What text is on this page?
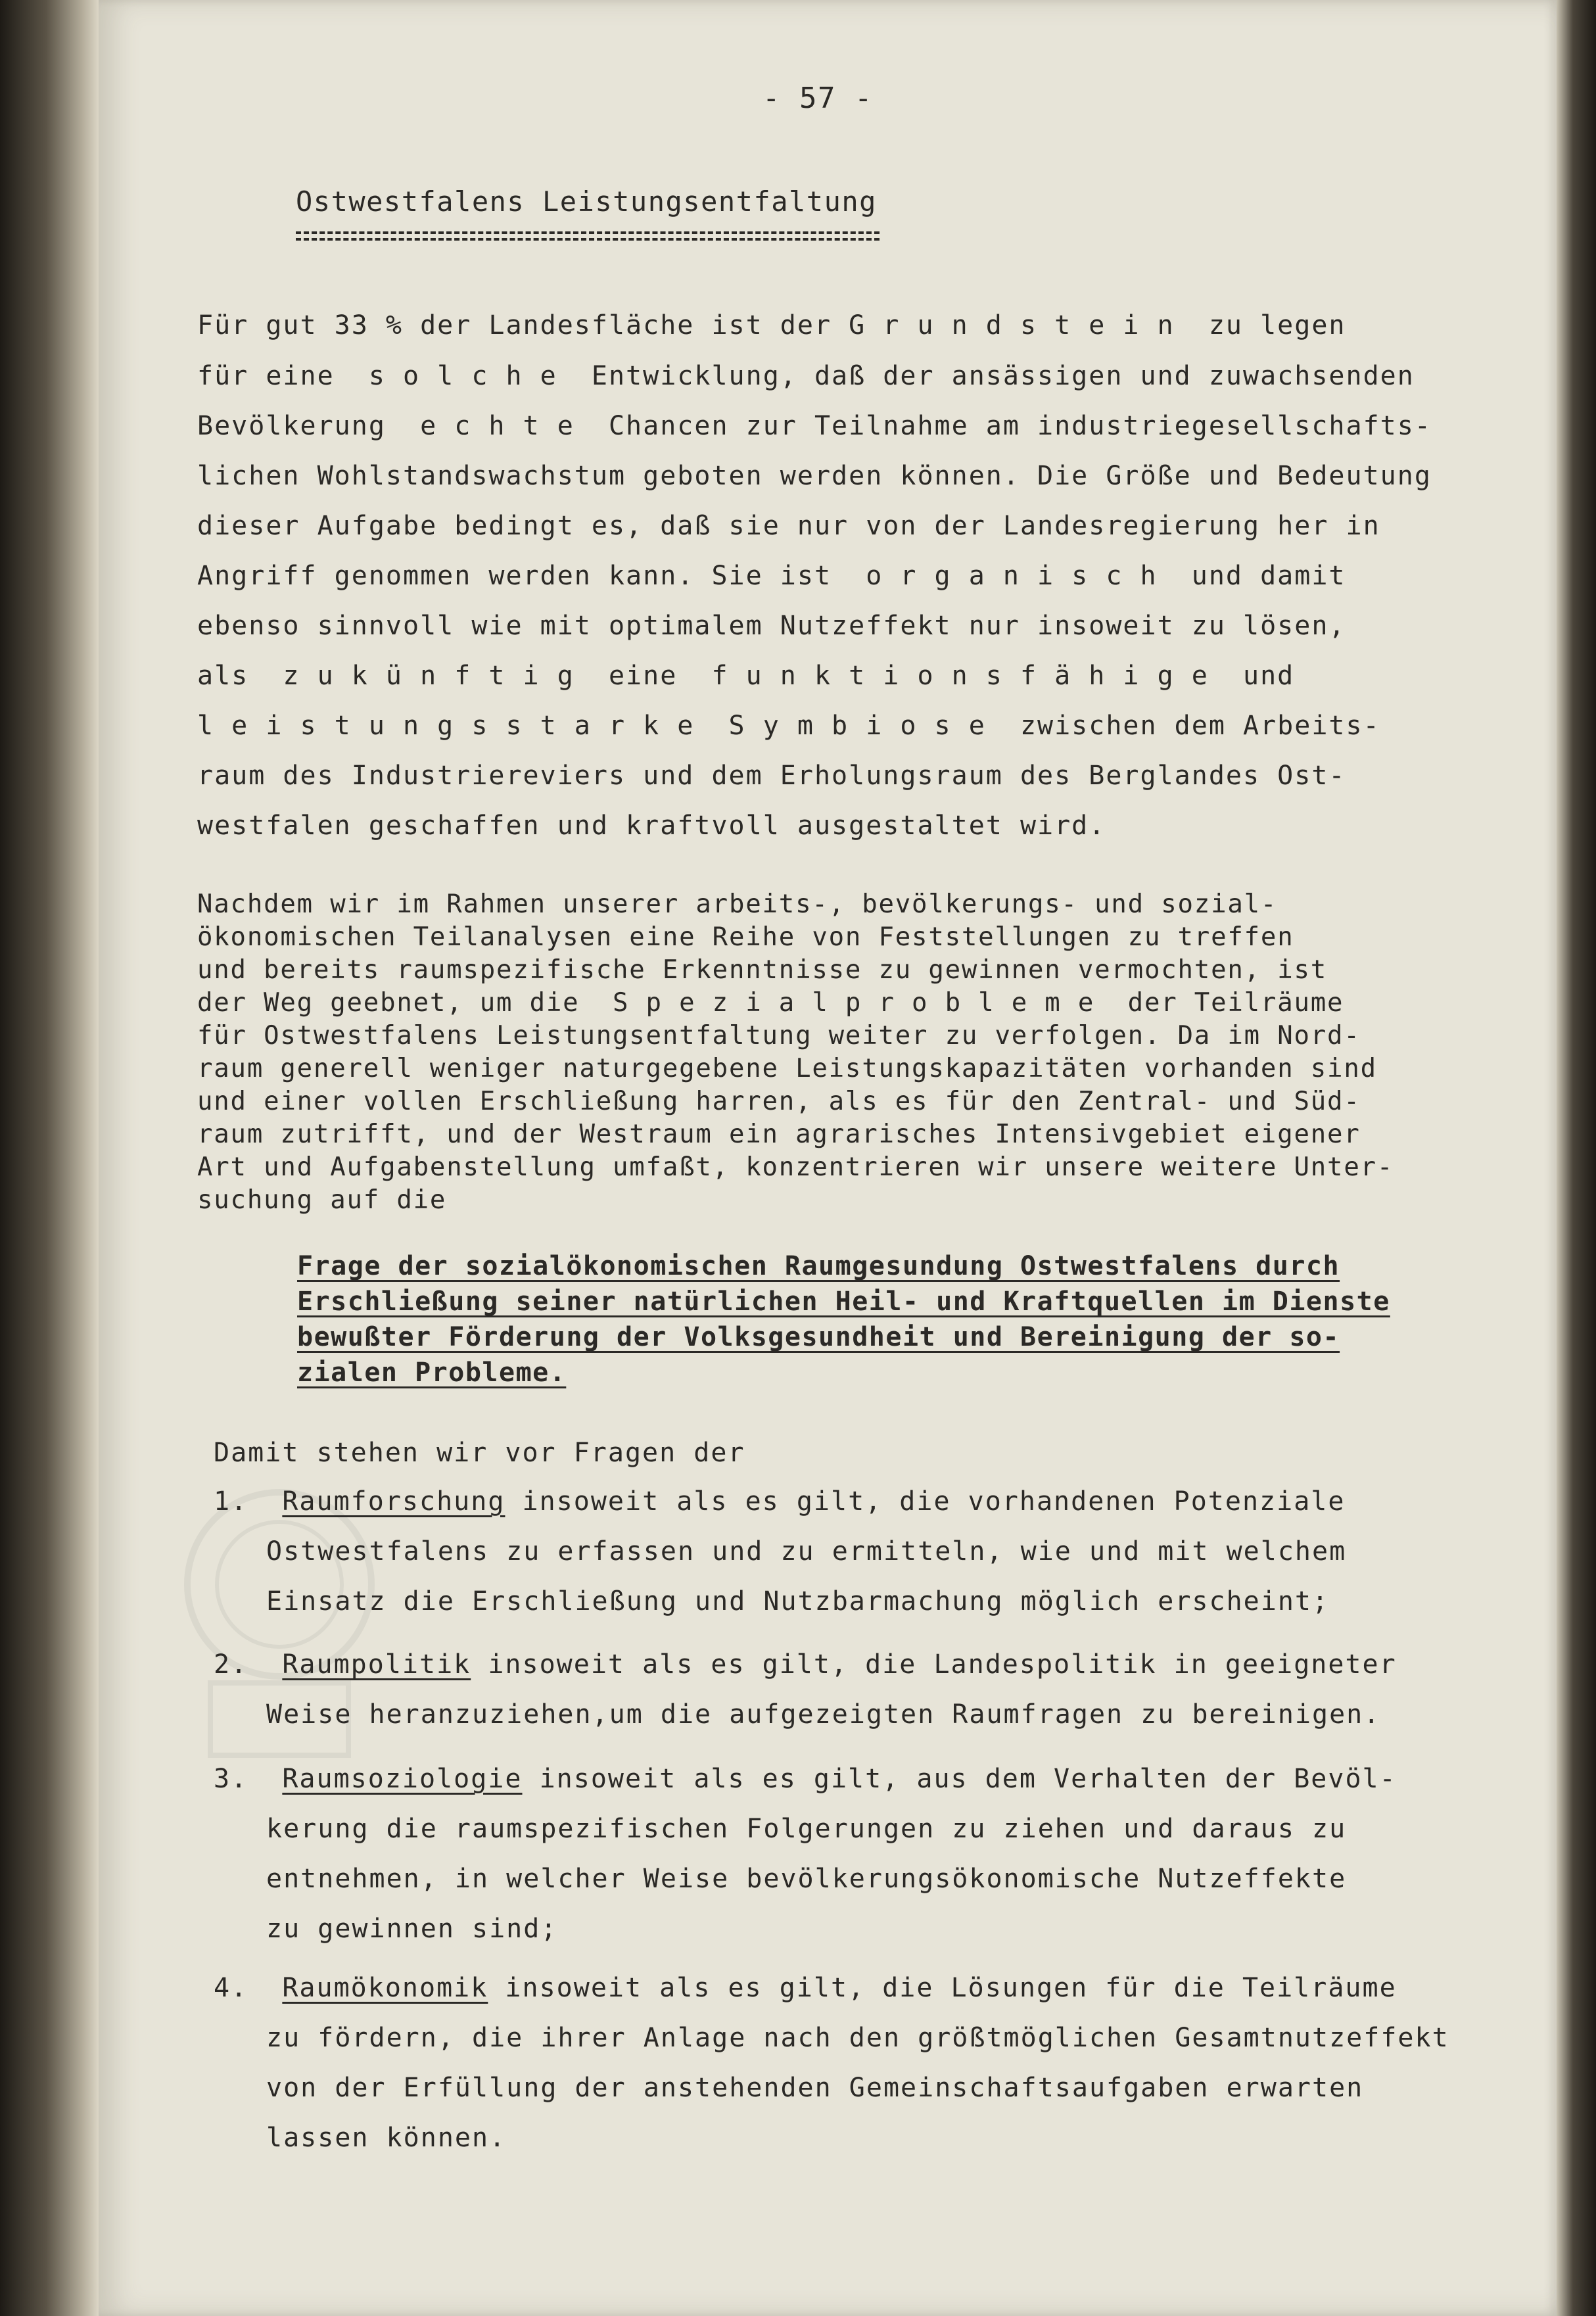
- 57 -
Ostwestfalens Leistungsentfaltung
Für gut 33 % der Landesfläche ist der G r u n d s t e i n  zu legen
für eine  s o l c h e  Entwicklung, daß der ansässigen und zuwachsenden
Bevölkerung  e c h t e  Chancen zur Teilnahme am industriegesellschafts-
lichen Wohlstandswachstum geboten werden können. Die Größe und Bedeutung
dieser Aufgabe bedingt es, daß sie nur von der Landesregierung her in
Angriff genommen werden kann. Sie ist  o r g a n i s c h  und damit
ebenso sinnvoll wie mit optimalem Nutzeffekt nur insoweit zu lösen,
als  z u k ü n f t i g  eine  f u n k t i o n s f ä h i g e  und
l e i s t u n g s s t a r k e  S y m b i o s e  zwischen dem Arbeits-
raum des Industriereviers und dem Erholungsraum des Berglandes Ost-
westfalen geschaffen und kraftvoll ausgestaltet wird.
Nachdem wir im Rahmen unserer arbeits-, bevölkerungs- und sozial-
ökonomischen Teilanalysen eine Reihe von Feststellungen zu treffen
und bereits raumspezifische Erkenntnisse zu gewinnen vermochten, ist
der Weg geebnet, um die  S p e z i a l p r o b l e m e  der Teilräume
für Ostwestfalens Leistungsentfaltung weiter zu verfolgen. Da im Nord-
raum generell weniger naturgegebene Leistungskapazitäten vorhanden sind
und einer vollen Erschließung harren, als es für den Zentral- und Süd-
raum zutrifft, und der Westraum ein agrarisches Intensivgebiet eigener
Art und Aufgabenstellung umfaßt, konzentrieren wir unsere weitere Unter-
suchung auf die
Frage der sozialökonomischen Raumgesundung Ostwestfalens durch
Erschließung seiner natürlichen Heil- und Kraftquellen im Dienste
bewußter Förderung der Volksgesundheit und Bereinigung der so-
zialen Probleme.
Damit stehen wir vor Fragen der
1. Raumforschung insoweit als es gilt, die vorhandenen Potenziale
Ostwestfalens zu erfassen und zu ermitteln, wie und mit welchem
Einsatz die Erschließung und Nutzbarmachung möglich erscheint;
2. Raumpolitik insoweit als es gilt, die Landespolitik in geeigneter
Weise heranzuziehen,um die aufgezeigten Raumfragen zu bereinigen.
3. Raumsoziologie insoweit als es gilt, aus dem Verhalten der Bevöl-
kerung die raumspezifischen Folgerungen zu ziehen und daraus zu
entnehmen, in welcher Weise bevölkerungsökonomische Nutzeffekte
zu gewinnen sind;
4. Raumökonomik insoweit als es gilt, die Lösungen für die Teilräume
zu fördern, die ihrer Anlage nach den größtmöglichen Gesamtnutzeffekt
von der Erfüllung der anstehenden Gemeinschaftsaufgaben erwarten
lassen können.
